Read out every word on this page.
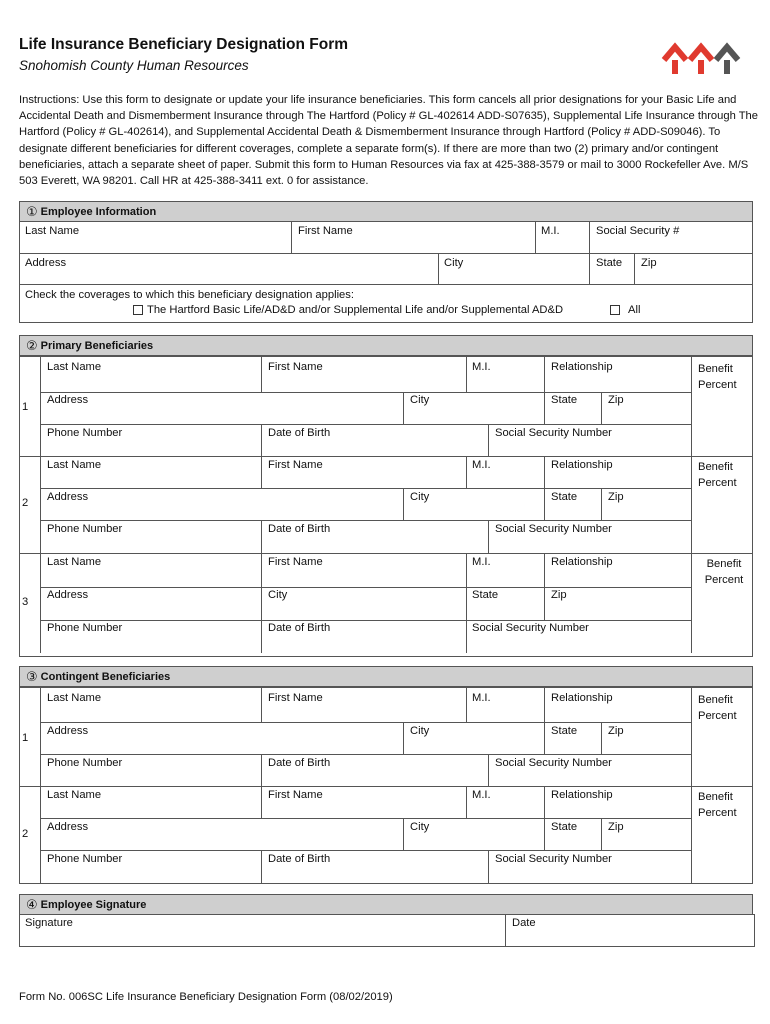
Life Insurance Beneficiary Designation Form
Snohomish County Human Resources
Instructions: Use this form to designate or update your life insurance beneficiaries. This form cancels all prior designations for your Basic Life and Accidental Death and Dismemberment Insurance through The Hartford (Policy # GL-402614 ADD-S07635), Supplemental Life Insurance through The Hartford (Policy # GL-402614), and Supplemental Accidental Death & Dismemberment Insurance through Hartford (Policy # ADD-S09046). To designate different beneficiaries for different coverages, complete a separate form(s). If there are more than two (2) primary and/or contingent beneficiaries, attach a separate sheet of paper. Submit this form to Human Resources via fax at 425-388-3579 or mail to 3000 Rockefeller Ave. M/S 503 Everett, WA 98201. Call HR at 425-388-3411 ext. 0 for assistance.
① Employee Information
Last Name	First Name	M.I.	Social Security #
Address	City	State Zip
Check the coverages to which this beneficiary designation applies:
The Hartford Basic Life/AD&D and/or Supplemental Life and/or Supplemental AD&D	All
② Primary Beneficiaries
1
Last Name	First Name	M.I.	Relationship	Benefit Percent
Address	City	State	Zip
Phone Number	Date of Birth	Social Security Number
2
Last Name	First Name	M.I.	Relationship	Benefit Percent
Address	City	State	Zip
Phone Number	Date of Birth	Social Security Number
3
Last Name	First Name	M.I.	Relationship	Benefit Percent
Address	City	State	Zip
Phone Number	Date of Birth	Social Security Number
③ Contingent Beneficiaries
1
Last Name	First Name	M.I.	Relationship	Benefit Percent
Address	City	State	Zip
Phone Number	Date of Birth	Social Security Number
2
Last Name	First Name	M.I.	Relationship	Benefit Percent
Address	City	State	Zip
Phone Number	Date of Birth	Social Security Number
④ Employee Signature
Signature	Date
Form No. 006SC Life Insurance Beneficiary Designation Form (08/02/2019)
